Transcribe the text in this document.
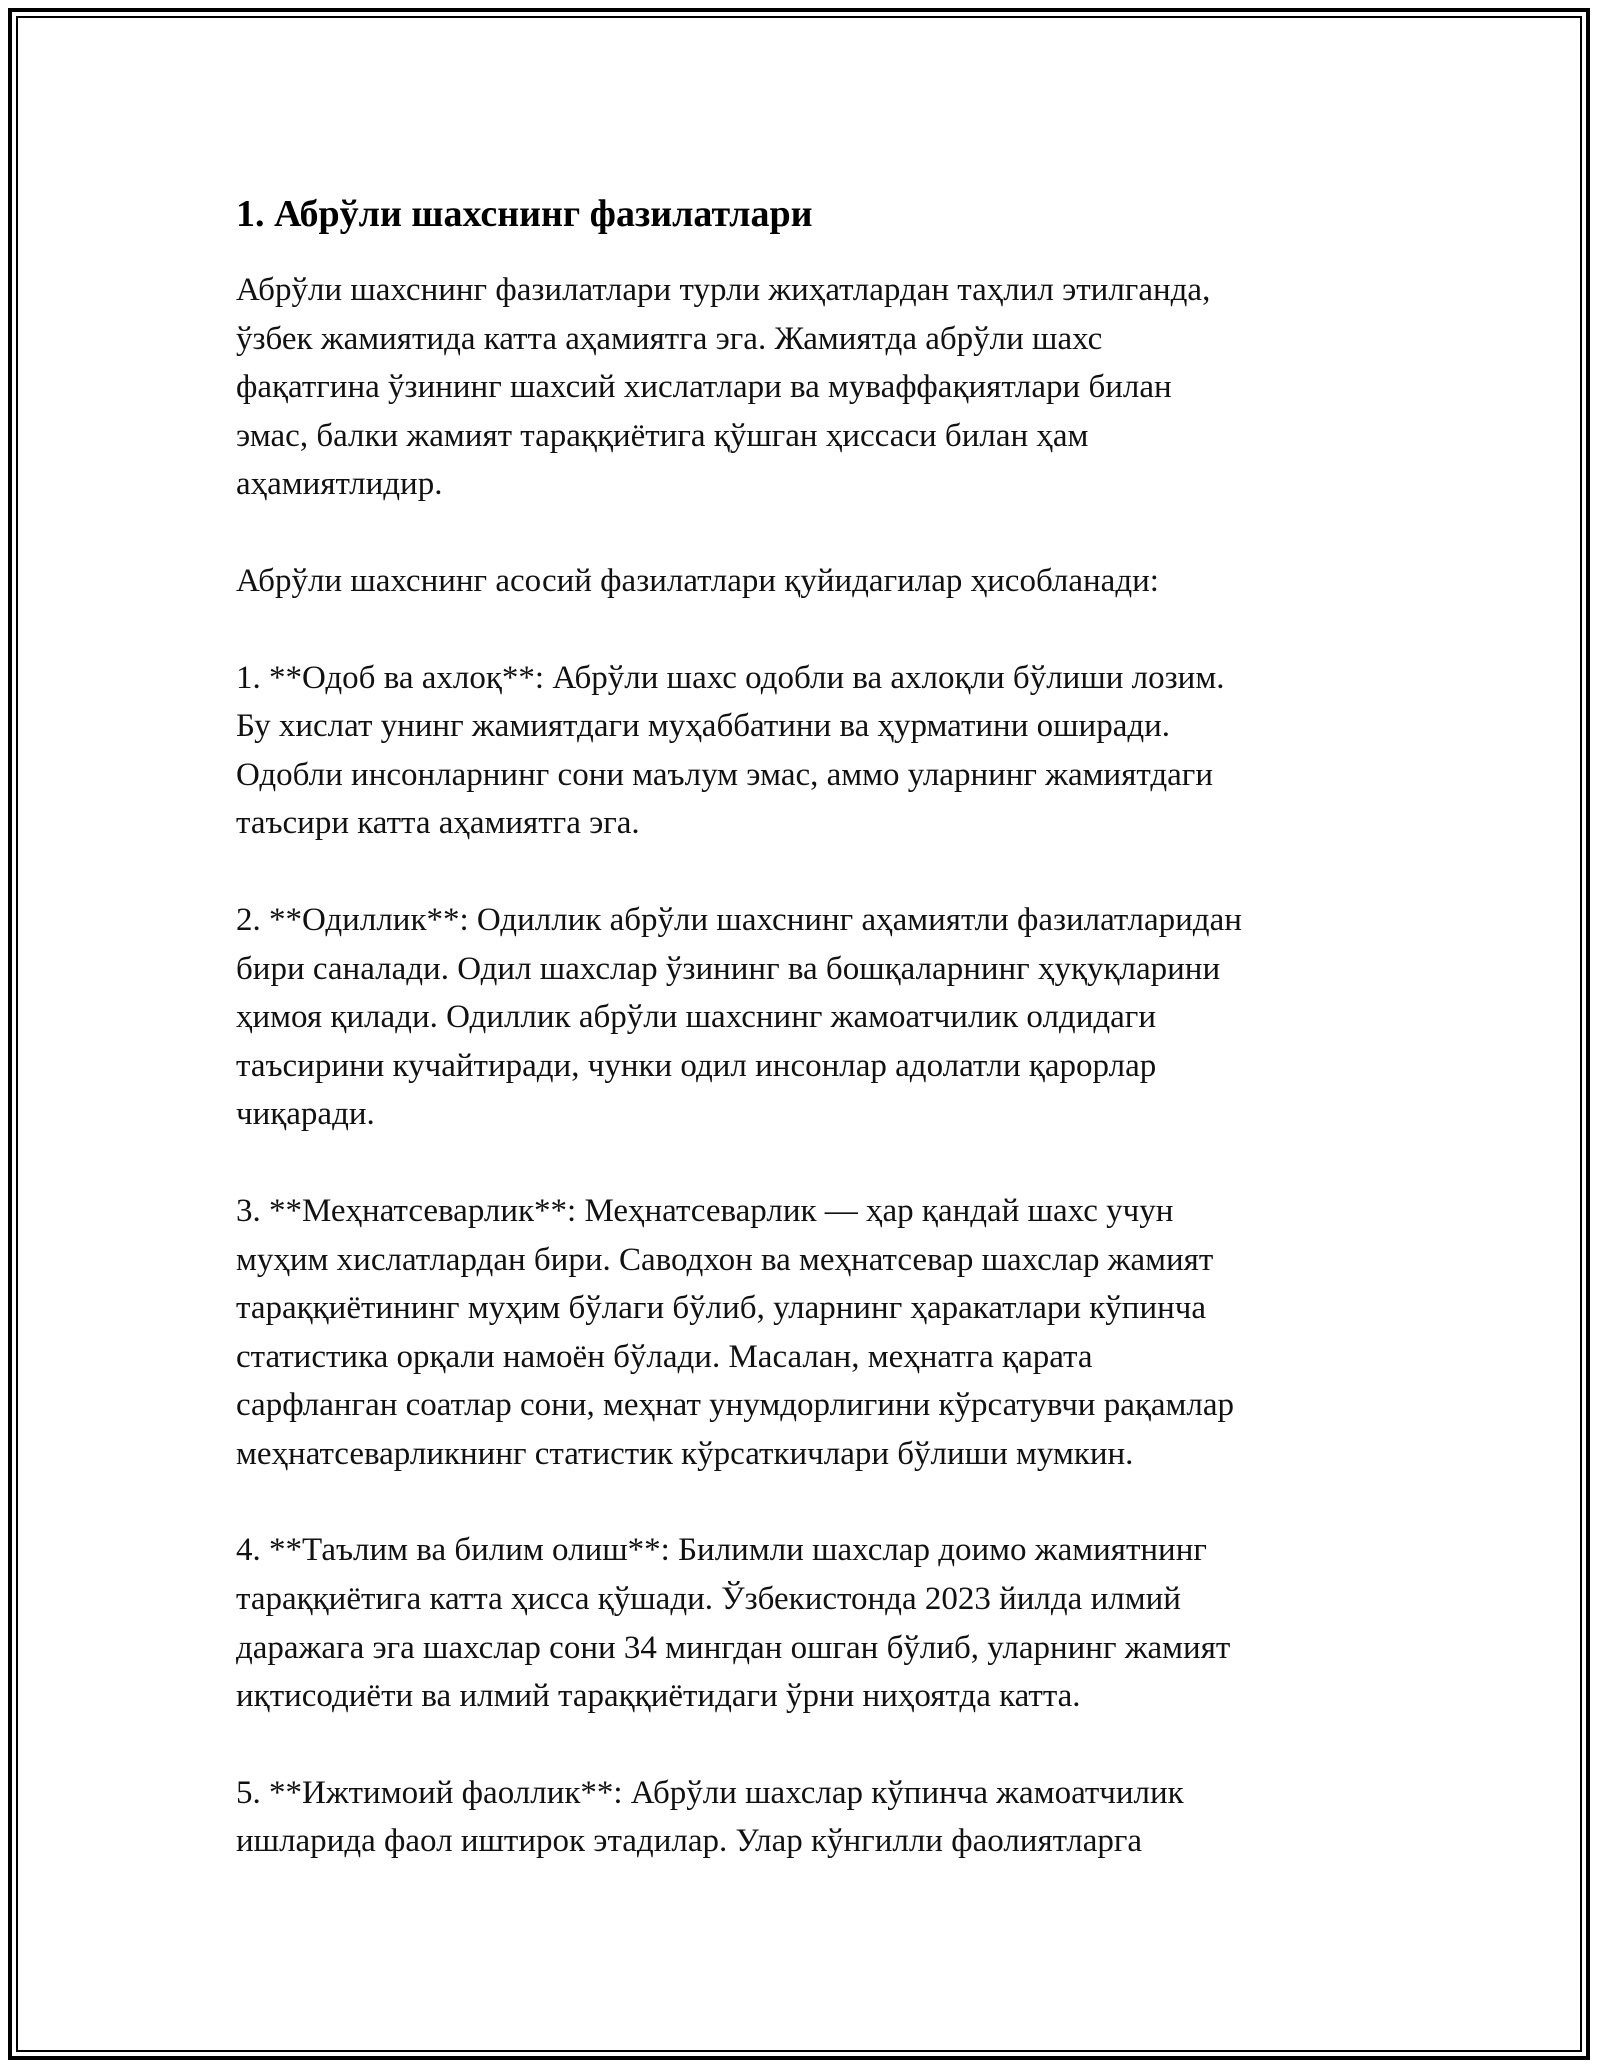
1. Абрўли шахснинг фазилатлари

Абрўли шахснинг фазилатлари турли жиҳатлардан таҳлил этилганда,
ўзбек жамиятида катта аҳамиятга эга. Жамиятда абрўли шахс
фақатгина ўзининг шахсий хислатлари ва муваффақиятлари билан
эмас, балки жамият тараққиётига қўшган ҳиссаси билан ҳам
аҳамиятлидир.

Абрўли шахснинг асосий фазилатлари қуйидагилар ҳисобланади:

1. **Одоб ва ахлоқ**: Абрўли шахс одобли ва ахлоқли бўлиши лозим.
Бу хислат унинг жамиятдаги муҳаббатини ва ҳурматини оширади.
Одобли инсонларнинг сони маълум эмас, аммо уларнинг жамиятдаги
таъсири катта аҳамиятга эга.

2. **Одиллик**: Одиллик абрўли шахснинг аҳамиятли фазилатларидан
бири саналади. Одил шахслар ўзининг ва бошқаларнинг ҳуқуқларини
ҳимоя қилади. Одиллик абрўли шахснинг жамоатчилик олдидаги
таъсирини кучайтиради, чунки одил инсонлар адолатли қарорлар
чиқаради.

3. **Меҳнатсеварлик**: Меҳнатсеварлик — ҳар қандай шахс учун
муҳим хислатлардан бири. Саводхон ва меҳнатсевар шахслар жамият
тараққиётининг муҳим бўлаги бўлиб, уларнинг ҳаракатлари кўпинча
статистика орқали намоён бўлади. Масалан, меҳнатга қарата
сарфланган соатлар сони, меҳнат унумдорлигини кўрсатувчи рақамлар
меҳнатсеварликнинг статистик кўрсаткичлари бўлиши мумкин.

4. **Таълим ва билим олиш**: Билимли шахслар доимо жамиятнинг
тараққиётига катта ҳисса қўшади. Ўзбекистонда 2023 йилда илмий
даражага эга шахслар сони 34 мингдан ошган бўлиб, уларнинг жамият
иқтисодиёти ва илмий тараққиётидаги ўрни ниҳоятда катта.

5. **Ижтимоий фаоллик**: Абрўли шахслар кўпинча жамоатчилик
ишларида фаол иштирок этадилар. Улар кўнгилли фаолиятларга
